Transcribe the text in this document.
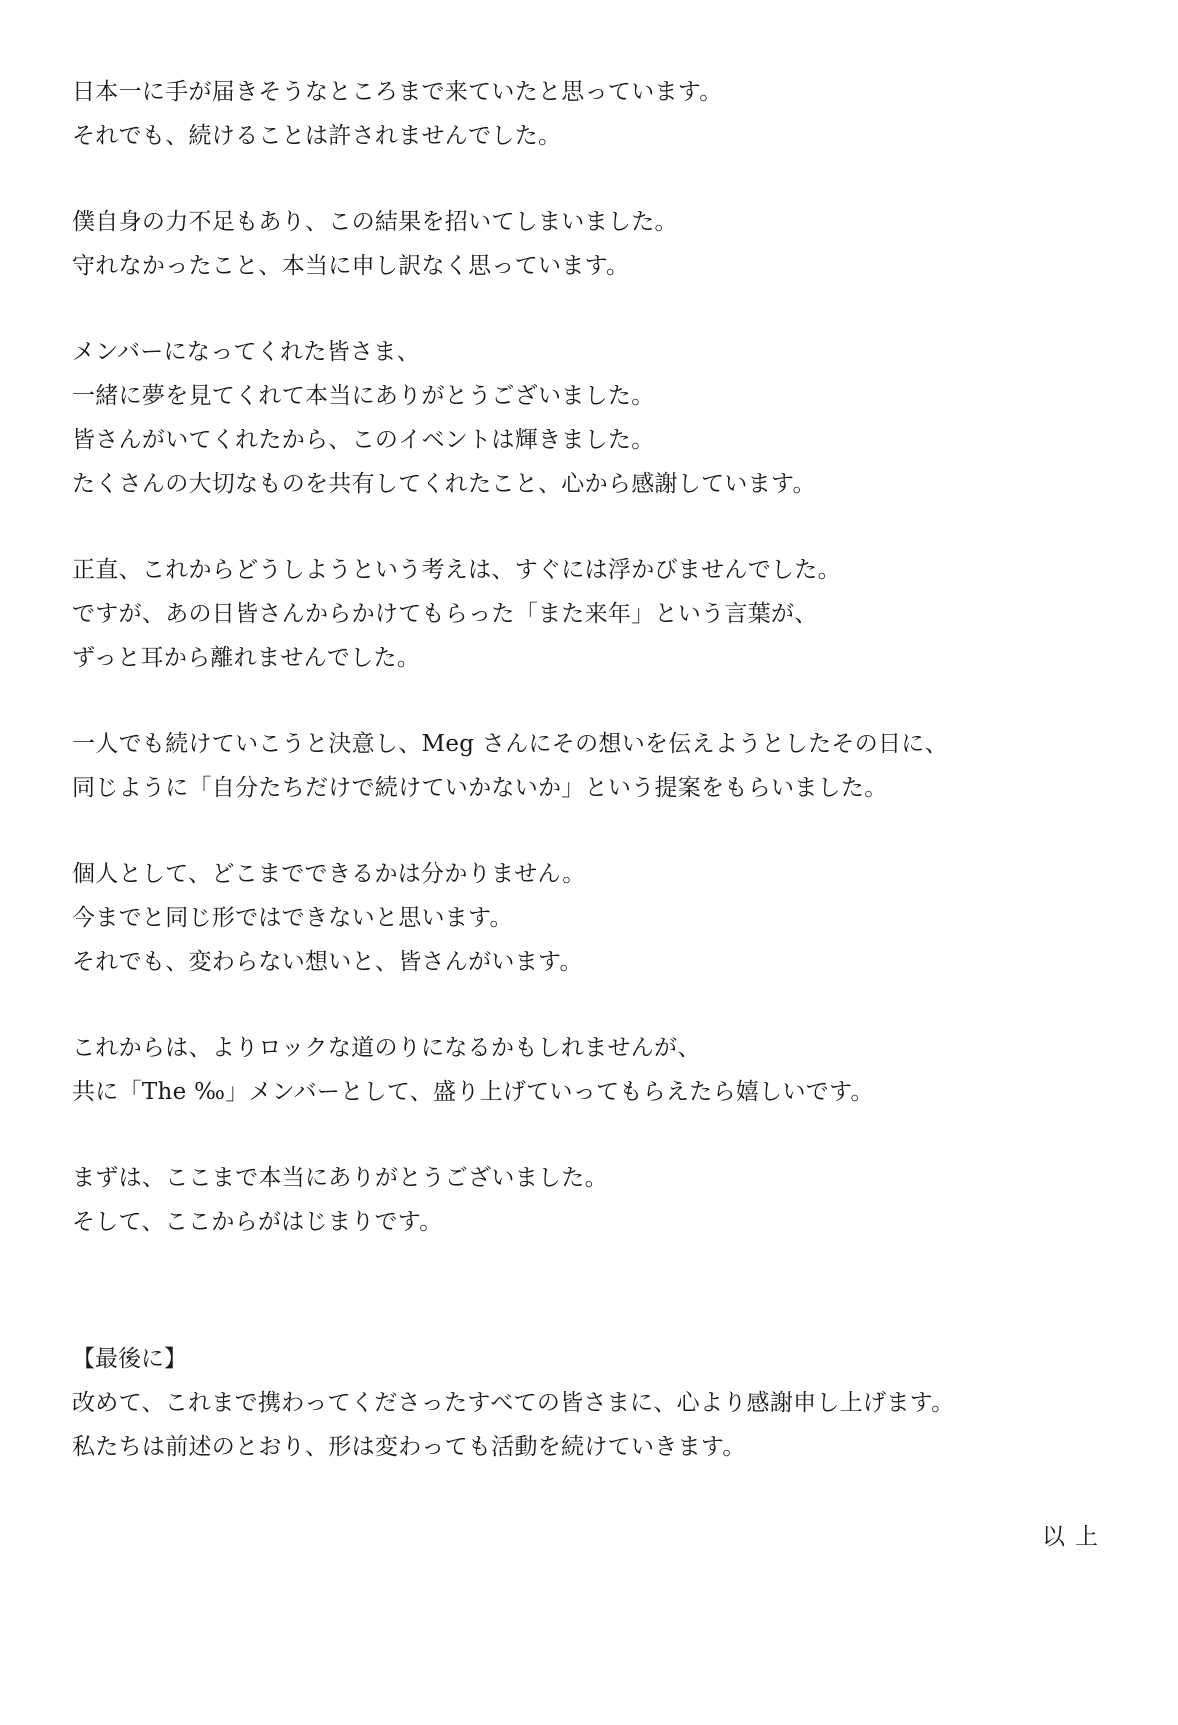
日本一に手が届きそうなところまで来ていたと思っています。
それでも、続けることは許されませんでした。
僕自身の力不足もあり、この結果を招いてしまいました。
守れなかったこと、本当に申し訳なく思っています。
メンバーになってくれた皆さま、
一緒に夢を見てくれて本当にありがとうございました。
皆さんがいてくれたから、このイベントは輝きました。
たくさんの大切なものを共有してくれたこと、心から感謝しています。
正直、これからどうしようという考えは、すぐには浮かびませんでした。
ですが、あの日皆さんからかけてもらった「また来年」という言葉が、
ずっと耳から離れませんでした。
一人でも続けていこうと決意し、Meg さんにその想いを伝えようとしたその日に、
同じように「自分たちだけで続けていかないか」という提案をもらいました。
個人として、どこまでできるかは分かりません。
今までと同じ形ではできないと思います。
それでも、変わらない想いと、皆さんがいます。
これからは、よりロックな道のりになるかもしれませんが、
共に「The ‰」メンバーとして、盛り上げていってもらえたら嬉しいです。
まずは、ここまで本当にありがとうございました。
そして、ここからがはじまりです。
【最後に】
改めて、これまで携わってくださったすべての皆さまに、心より感謝申し上げます。
私たちは前述のとおり、形は変わっても活動を続けていきます。
以上
